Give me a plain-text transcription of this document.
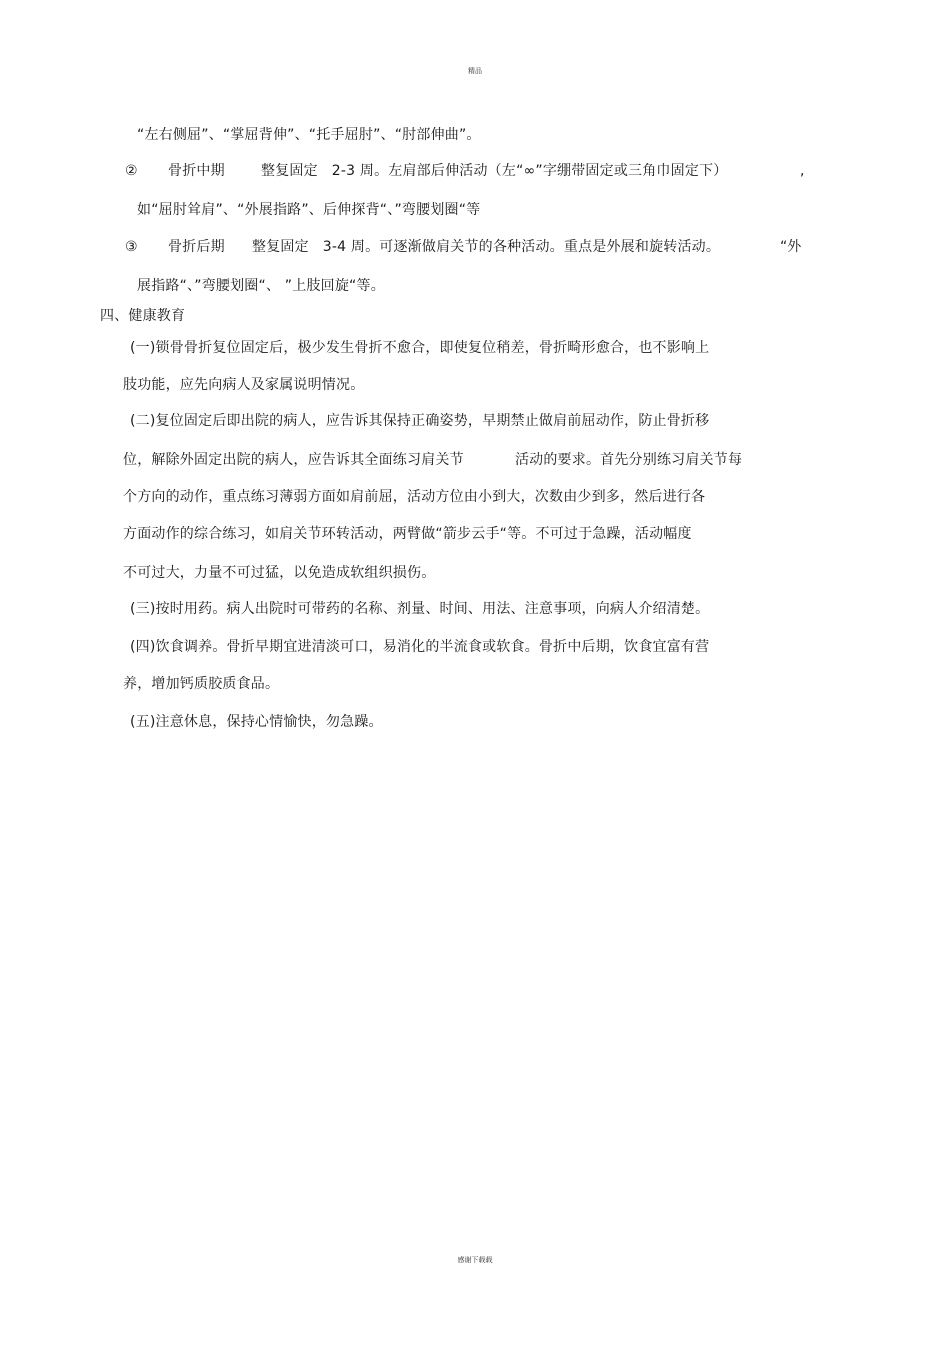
精品
“左右侧屈”、“掌屈背伸”、“托手屈肘”、“肘部伸曲”。
② 骨折中期	整复固定   2-3 周。左肩部后伸活动（左“∞”字绷带固定或三角巾固定下）	,
如“屈肘耸肩”、“外展指路”、后伸探背“、”弯腰划圈“等
③ 骨折后期 整复固定   3-4 周。可逐渐做肩关节的各种活动。重点是外展和旋转活动。	“外
展指路“、”弯腰划圈“、 ”上肢回旋“等。
四、健康教育
(一)锁骨骨折复位固定后，极少发生骨折不愈合，即使复位稍差，骨折畸形愈合，也不影响上
肢功能，应先向病人及家属说明情况。
(二)复位固定后即出院的病人，应告诉其保持正确姿势，早期禁止做肩前屈动作，防止骨折移
位，解除外固定出院的病人，应告诉其全面练习肩关节           活动的要求。首先分别练习肩关节每
个方向的动作，重点练习薄弱方面如肩前屈，活动方位由小到大，次数由少到多，然后进行各
方面动作的综合练习，如肩关节环转活动，两臂做“箭步云手“等。不可过于急躁，活动幅度
不可过大，力量不可过猛，以免造成软组织损伤。
(三)按时用药。病人出院时可带药的名称、剂量、时间、用法、注意事项，向病人介绍清楚。
(四)饮食调养。骨折早期宜进清淡可口，易消化的半流食或软食。骨折中后期，饮食宜富有营
养，增加钙质胶质食品。
(五)注意休息，保持心情愉快，勿急躁。
感谢下载载
